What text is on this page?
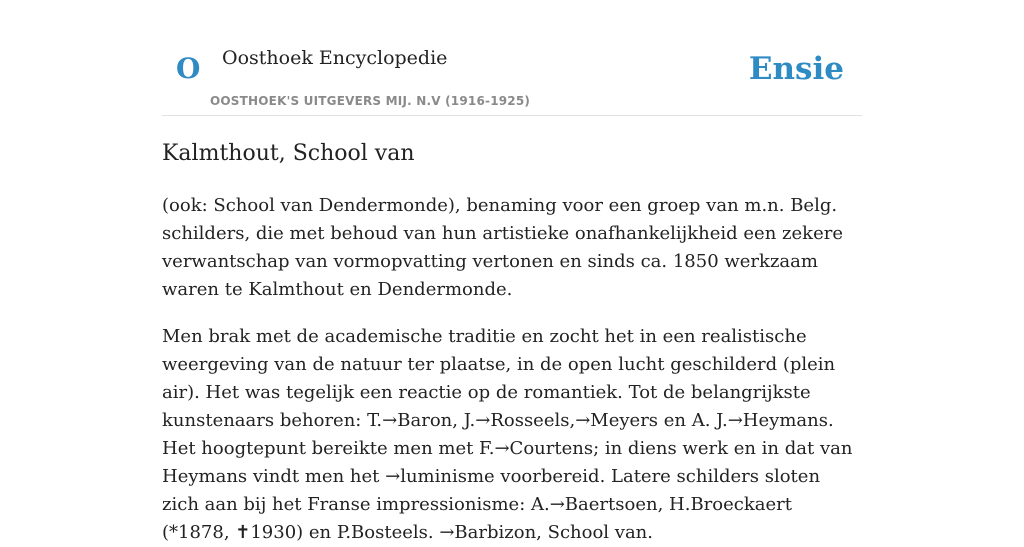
O Oosthoek Encyclopedie
OOSTHOEK'S UITGEVERS MIJ. N.V (1916-1925)
Ensie
Kalmthout, School van

(ook: School van Dendermonde), benaming voor een groep van m.n. Belg. schilders, die met behoud van hun artistieke onafhankelijkheid een zekere verwantschap van vormopvatting vertonen en sinds ca. 1850 werkzaam waren te Kalmthout en Dendermonde.

Men brak met de academische traditie en zocht het in een realistische weergeving van de natuur ter plaatse, in de open lucht geschilderd (plein air). Het was tegelijk een reactie op de romantiek. Tot de belangrijkste kunstenaars behoren: T.→Baron, J.→Rosseels,→Meyers en A. J.→Heymans. Het hoogtepunt bereikte men met F.→Courtens; in diens werk en in dat van Heymans vindt men het →luminisme voorbereid. Latere schilders sloten zich aan bij het Franse impressionisme: A.→Baertsoen, H.Broeckaert (*1878, ✝1930) en P.Bosteels. →Barbizon, School van.
